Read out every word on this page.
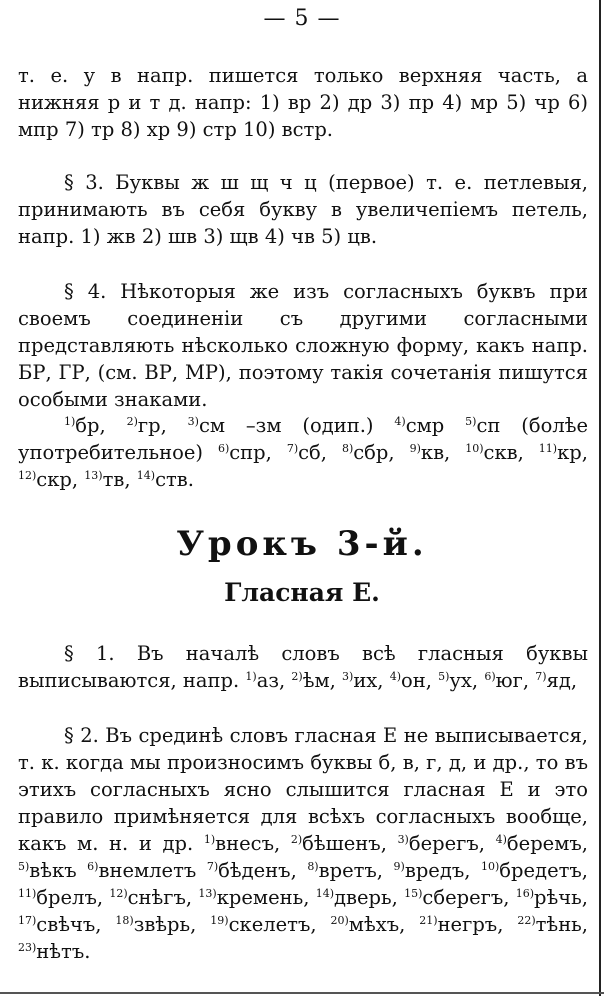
— 5 —
т. е. у в напр. пишется только верхняя часть, а нижняя р и т д. напр: 1) вр 2) др 3) пр 4) мр 5) чр 6) мпр 7) тр 8) хр 9) стр 10) встр.
§ 3. Буквы ж ш щ ч ц (первое) т. е. петлевыя, принимають въ себя букву в увеличепіемъ петель, напр. 1) жв 2) шв 3) щв 4) чв 5) цв.
§ 4. Нѣкоторыя же изъ согласныхъ буквъ при своемъ соединеніи съ другими согласными представляють нѣсколько сложную форму, какъ напр. БР, ГР, (см. ВР, МР), поэтому такія сочетанія пишутся особыми знаками.
$^{1)}$бр, $^{2)}$гр, $^{3)}$см –зм (одип.) $^{4)}$смр $^{5)}$сп (болѣе употребительное) $^{6)}$спр, $^{7)}$сб, $^{8)}$сбр, $^{9)}$кв, $^{10)}$скв, $^{11)}$кр, $^{12)}$скр, $^{13)}$тв, $^{14)}$ств.
Урокъ 3-й.
Гласная Е.
§ 1. Въ началѣ словъ всѣ гласныя буквы выписываются, напр. $^{1)}$аз, $^{2)}$ѣм, $^{3)}$их, $^{4)}$он, $^{5)}$ух, $^{6)}$юг, $^{7)}$яд,
§ 2. Въ срединѣ словъ гласная Е не выписывается, т. к. когда мы произносимъ буквы б, в, г, д, и др., то въ этихъ согласныхъ ясно слышится гласная Е и это правило примѣняется для всѣхъ согласныхъ вообще, какъ м. н. и др. $^{1)}$внесъ, $^{2)}$бѣшенъ, $^{3)}$берегъ, $^{4)}$беремъ, $^{5)}$вѣкъ $^{6)}$внемлетъ $^{7)}$бѣденъ, $^{8)}$вретъ, $^{9)}$вредъ, $^{10)}$бредетъ, $^{11)}$брелъ, $^{12)}$снѣгъ, $^{13)}$кремень, $^{14)}$дверь, $^{15)}$сберегъ, $^{16)}$рѣчь, $^{17)}$свѣчъ, $^{18)}$звѣрь, $^{19)}$скелетъ, $^{20)}$мѣхъ, $^{21)}$негръ, $^{22)}$тѣнь, $^{23)}$нѣтъ.
